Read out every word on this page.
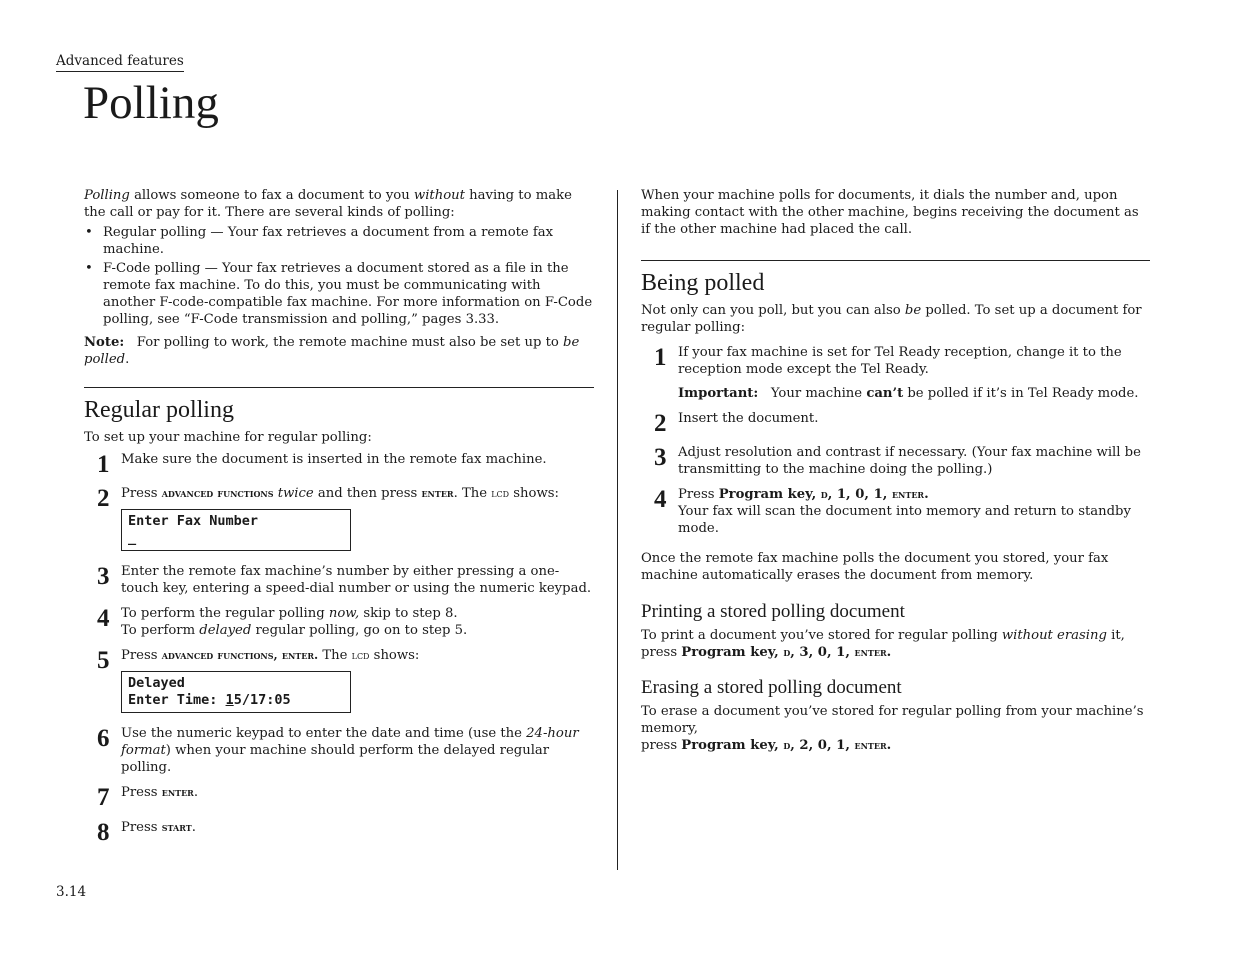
Advanced features
Polling

Polling allows someone to fax a document to you without having to make the call or pay for it. There are several kinds of polling:

• Regular polling — Your fax retrieves a document from a remote fax machine.
• F-Code polling — Your fax retrieves a document stored as a file in the remote fax machine. To do this, you must be communicating with another F-code-compatible fax machine. For more information on F-Code polling, see “F-Code transmission and polling,” pages 3.33.

Note: For polling to work, the remote machine must also be set up to be polled.

Regular polling

To set up your machine for regular polling:

1 Make sure the document is inserted in the remote fax machine.

2 Press advanced functions twice and then press enter. The lcd shows:

Enter Fax Number
_
3 Enter the remote fax machine’s number by either pressing a one-touch key, entering a speed-dial number or using the numeric keypad.

4 To perform the regular polling now, skip to step 8.

To perform delayed regular polling, go on to step 5.

5 Press advanced functions, enter. The lcd shows:

Delayed
Enter Time: 15/17:05
6 Use the numeric keypad to enter the date and time (use the 24-hour format) when your machine should perform the delayed regular polling.

7 Press enter.

8 Press start.

When your machine polls for documents, it dials the number and, upon making contact with the other machine, begins receiving the document as if the other machine had placed the call.

Being polled

Not only can you poll, but you can also be polled. To set up a document for regular polling:

1 If your fax machine is set for Tel Ready reception, change it to the reception mode except the Tel Ready.

Important: Your machine can’t be polled if it’s in Tel Ready mode.

2 Insert the document.

3 Adjust resolution and contrast if necessary. (Your fax machine will be transmitting to the machine doing the polling.)

4 Press Program key, d, 1, 0, 1, enter.

Your fax will scan the document into memory and return to standby mode.

Once the remote fax machine polls the document you stored, your fax machine automatically erases the document from memory.

Printing a stored polling document

To print a document you’ve stored for regular polling without erasing it,
press Program key, d, 3, 0, 1, enter.

Erasing a stored polling document

To erase a document you’ve stored for regular polling from your machine’s memory,
press Program key, d, 2, 0, 1, enter.

3.14
